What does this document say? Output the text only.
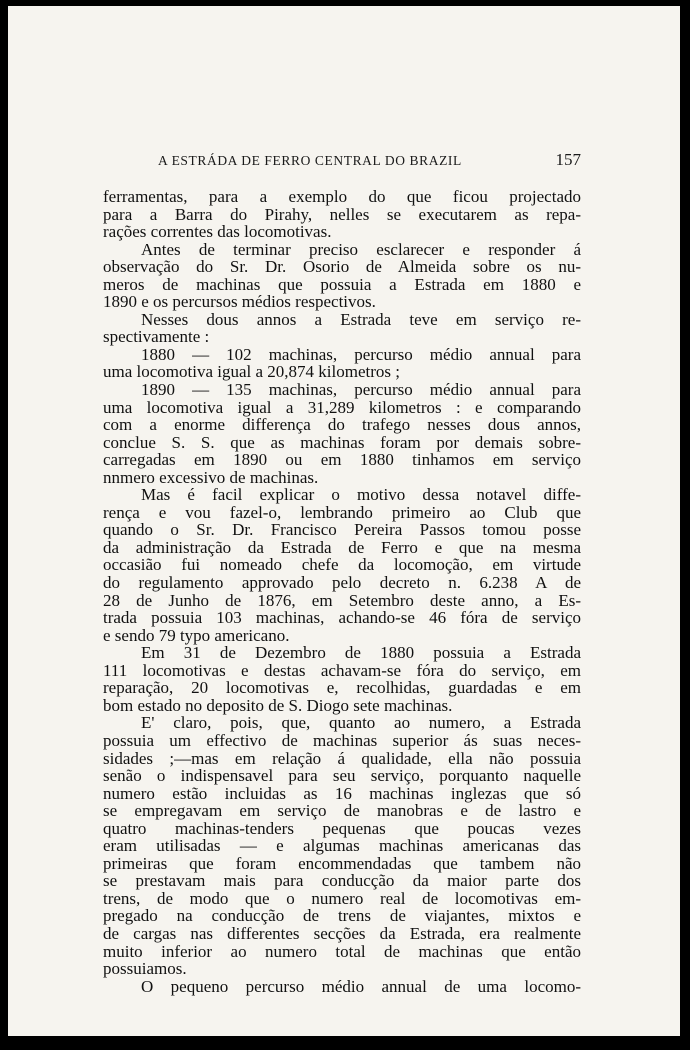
A ESTRÁDA DE FERRO CENTRAL DO BRAZIL	157
ferramentas, para a exemplo do que ficou projectado
para a Barra do Pirahy, nelles se executarem as repa-
rações correntes das locomotivas.
Antes de terminar preciso esclarecer e responder á
observação do Sr. Dr. Osorio de Almeida sobre os nu-
meros de machinas que possuia a Estrada em 1880 e
1890 e os percursos médios respectivos.
Nesses dous annos a Estrada teve em serviço re-
spectivamente :
1880 — 102 machinas, percurso médio annual para
uma locomotiva igual a 20,874 kilometros ;
1890 — 135 machinas, percurso médio annual para
uma locomotiva igual a 31,289 kilometros : e comparando
com a enorme differença do trafego nesses dous annos,
conclue S. S. que as machinas foram por demais sobre-
carregadas em 1890 ou em 1880 tinhamos em serviço
nnmero excessivo de machinas.
Mas é facil explicar o motivo dessa notavel diffe-
rença e vou fazel-o, lembrando primeiro ao Club que
quando o Sr. Dr. Francisco Pereira Passos tomou posse
da administração da Estrada de Ferro e que na mesma
occasião fui nomeado chefe da locomoção, em virtude
do regulamento approvado pelo decreto n. 6.238 A de
28 de Junho de 1876, em Setembro deste anno, a Es-
trada possuia 103 machinas, achando-se 46 fóra de serviço
e sendo 79 typo americano.
Em 31 de Dezembro de 1880 possuia a Estrada
111 locomotivas e destas achavam-se fóra do serviço, em
reparação, 20 locomotivas e, recolhidas, guardadas e em
bom estado no deposito de S. Diogo sete machinas.
E' claro, pois, que, quanto ao numero, a Estrada
possuia um effectivo de machinas superior ás suas neces-
sidades ;—mas em relação á qualidade, ella não possuia
senão o indispensavel para seu serviço, porquanto naquelle
numero estão incluidas as 16 machinas inglezas que só
se empregavam em serviço de manobras e de lastro e
quatro machinas-tenders pequenas que poucas vezes
eram utilisadas — e algumas machinas americanas das
primeiras que foram encommendadas que tambem não
se prestavam mais para conducção da maior parte dos
trens, de modo que o numero real de locomotivas em-
pregado na conducção de trens de viajantes, mixtos e
de cargas nas differentes secções da Estrada, era realmente
muito inferior ao numero total de machinas que então
possuiamos.
O pequeno percurso médio annual de uma locomo-
